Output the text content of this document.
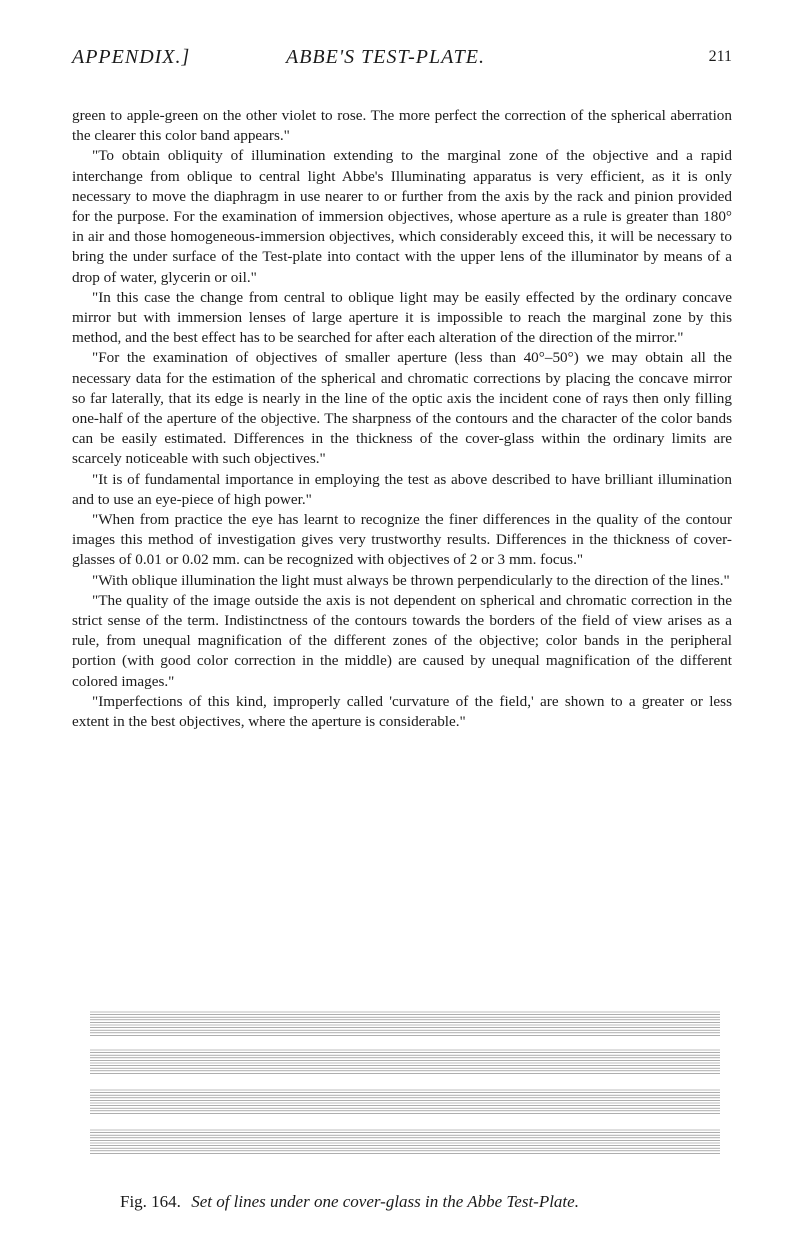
APPENDIX.]	ABBE'S TEST-PLATE.	211

green to apple-green on the other violet to rose. The more perfect the correction of the spherical aberration the clearer this color band appears."

"To obtain obliquity of illumination extending to the marginal zone of the objective and a rapid interchange from oblique to central light Abbe's Illuminating apparatus is very efficient, as it is only necessary to move the diaphragm in use nearer to or further from the axis by the rack and pinion provided for the purpose. For the examination of immersion objectives, whose aperture as a rule is greater than 180° in air and those homogeneous-immersion objectives, which considerably exceed this, it will be necessary to bring the under surface of the Test-plate into contact with the upper lens of the illuminator by means of a drop of water, glycerin or oil."

"In this case the change from central to oblique light may be easily effected by the ordinary concave mirror but with immersion lenses of large aperture it is impossible to reach the marginal zone by this method, and the best effect has to be searched for after each alteration of the direction of the mirror."

"For the examination of objectives of smaller aperture (less than 40°–50°) we may obtain all the necessary data for the estimation of the spherical and chromatic corrections by placing the concave mirror so far laterally, that its edge is nearly in the line of the optic axis the incident cone of rays then only filling one-half of the aperture of the objective. The sharpness of the contours and the character of the color bands can be easily estimated. Differences in the thickness of the cover-glass within the ordinary limits are scarcely noticeable with such objectives."

"It is of fundamental importance in employing the test as above described to have brilliant illumination and to use an eye-piece of high power."

"When from practice the eye has learnt to recognize the finer differences in the quality of the contour images this method of investigation gives very trustworthy results. Differences in the thickness of cover-glasses of 0.01 or 0.02 mm. can be recognized with objectives of 2 or 3 mm. focus."

"With oblique illumination the light must always be thrown perpendicularly to the direction of the lines."

"The quality of the image outside the axis is not dependent on spherical and chromatic correction in the strict sense of the term. Indistinctness of the contours towards the borders of the field of view arises as a rule, from unequal magnification of the different zones of the objective; color bands in the peripheral portion (with good color correction in the middle) are caused by unequal magnification of the different colored images."

"Imperfections of this kind, improperly called 'curvature of the field,' are shown to a greater or less extent in the best objectives, where the aperture is considerable."

Fig. 164. Set of lines under one cover-glass in the Abbe Test-Plate.
